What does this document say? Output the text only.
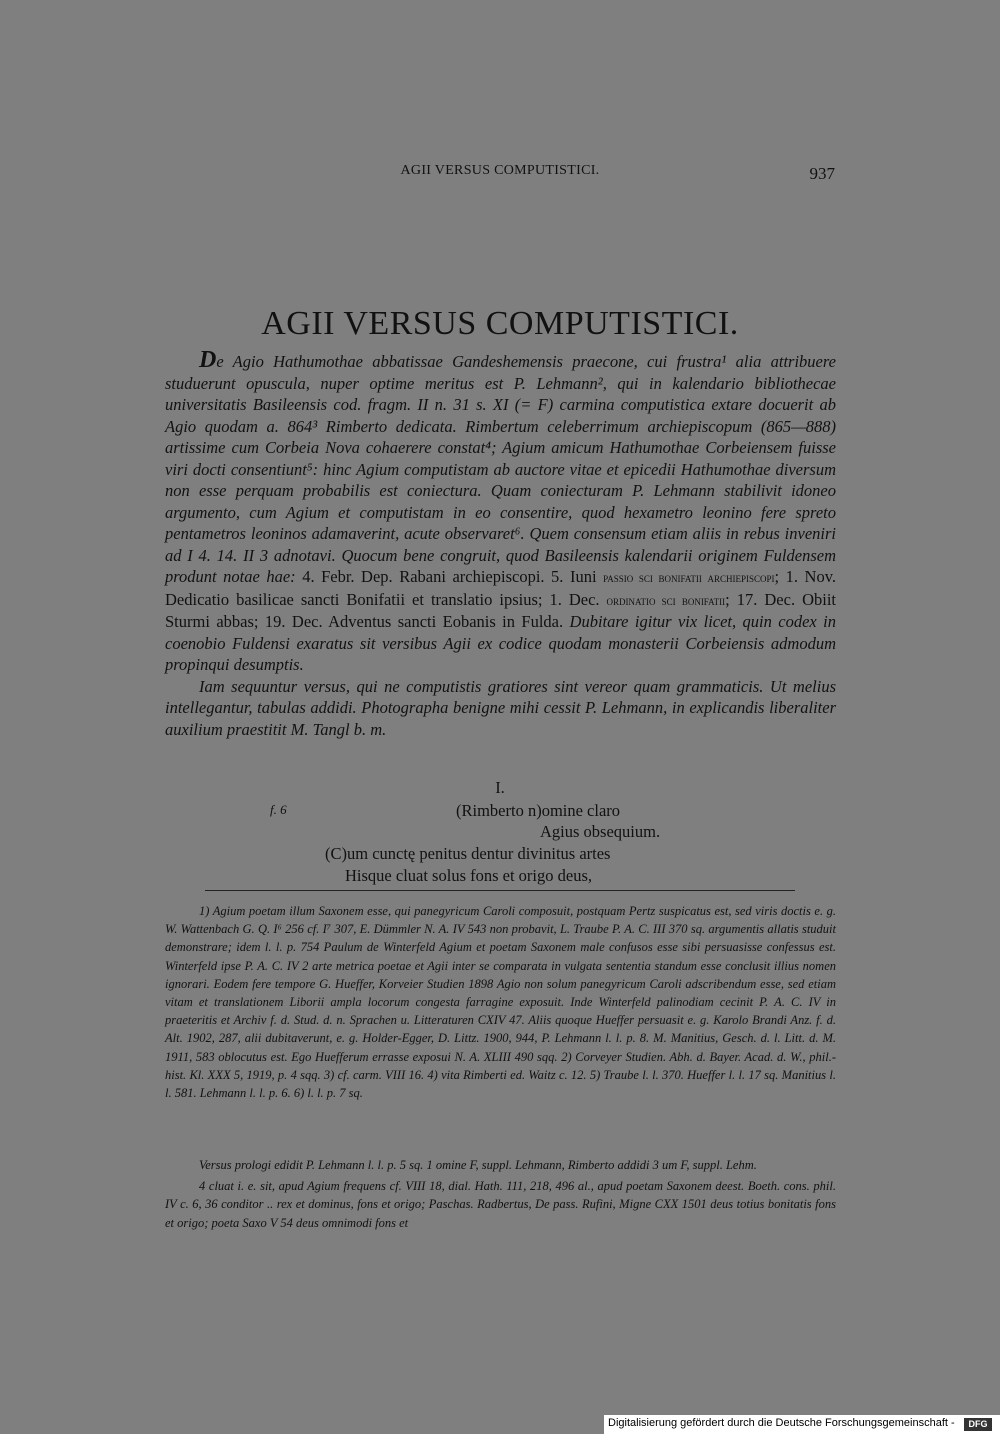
AGII VERSUS COMPUTISTICI.	937
AGII VERSUS COMPUTISTICI.

De Agio Hathumothae abbatissae Gandeshemensis praecone, cui frustra¹ alia attribuere studuerunt opuscula, nuper optime meritus est P. Lehmann², qui in kalendario bibliothecae universitatis Basileensis cod. fragm. II n. 31 s. XI (= F) carmina computistica extare docuerit ab Agio quodam a. 864³ Rimberto dedicata. Rimbertum celeberrimum archiepiscopum (865—888) artissime cum Corbeia Nova cohaerere constat⁴; Agium amicum Hathumothae Corbeiensem fuisse viri docti consentiunt⁵: hinc Agium computistam ab auctore vitae et epicedii Hathumothae diversum non esse perquam probabilis est coniectura. Quam coniecturam P. Lehmann stabilivit idoneo argumento, cum Agium et computistam in eo consentire, quod hexametro leonino fere spreto pentametros leoninos adamaverint, acute observaret⁶. Quem consensum etiam aliis in rebus inveniri ad I 4. 14. II 3 adnotavi. Quocum bene congruit, quod Basileensis kalendarii originem Fuldensem produnt notae hae: 4. Febr. Dep. Rabani archiepiscopi. 5. Iuni passio sci bonifatii archiepiscopi; 1. Nov. Dedicatio basilicae sancti Bonifatii et translatio ipsius; 1. Dec. ordinatio sci bonifatii; 17. Dec. Obiit Sturmi abbas; 19. Dec. Adventus sancti Eobanis in Fulda. Dubitare igitur vix licet, quin codex in coenobio Fuldensi exaratus sit versibus Agii ex codice quodam monasterii Corbeiensis admodum propinqui desumptis.

Iam sequuntur versus, qui ne computistis gratiores sint vereor quam grammaticis. Ut melius intellegantur, tabulas addidi. Photographa benigne mihi cessit P. Lehmann, in explicandis liberaliter auxilium praestitit M. Tangl b. m.

I.
f. 6	(Rimberto n)omine claro
Agius obsequium.
(C)um cunctę penitus dentur divinitus artes
Hisque cluat solus fons et origo deus,

1) Agium poetam illum Saxonem esse, qui panegyricum Caroli composuit, postquam Pertz suspicatus est, sed viris doctis e. g. W. Wattenbach G. Q. I⁶ 256 cf. I⁷ 307, E. Dümmler N. A. IV 543 non probavit, L. Traube P. A. C. III 370 sq. argumentis allatis studuit demonstrare; idem l. l. p. 754 Paulum de Winterfeld Agium et poetam Saxonem male confusos esse sibi persuasisse confessus est. Winterfeld ipse P. A. C. IV 2 arte metrica poetae et Agii inter se comparata in vulgata sententia standum esse conclusit illius nomen ignorari. Eodem fere tempore G. Hueffer, Korveier Studien 1898 Agio non solum panegyricum Caroli adscribendum esse, sed etiam vitam et translationem Liborii ampla locorum congesta farragine exposuit. Inde Winterfeld palinodiam cecinit P. A. C. IV in praeteritis et Archiv f. d. Stud. d. n. Sprachen u. Litteraturen CXIV 47. Aliis quoque Hueffer persuasit e. g. Karolo Brandi Anz. f. d. Alt. 1902, 287, alii dubitaverunt, e. g. Holder-Egger, D. Littz. 1900, 944, P. Lehmann l. l. p. 8. M. Manitius, Gesch. d. l. Litt. d. M. 1911, 583 oblocutus est. Ego Huefferum errasse exposui N. A. XLIII 490 sqq. 2) Corveyer Studien. Abh. d. Bayer. Acad. d. W., phil.-hist. Kl. XXX 5, 1919, p. 4 sqq. 3) cf. carm. VIII 16. 4) vita Rimberti ed. Waitz c. 12. 5) Traube l. l. 370. Hueffer l. l. 17 sq. Manitius l. l. 581. Lehmann l. l. p. 6. 6) l. l. p. 7 sq.

Versus prologi edidit P. Lehmann l. l. p. 5 sq. 1 omine F, suppl. Lehmann, Rimberto addidi 3 um F, suppl. Lehm.

4 cluat i. e. sit, apud Agium frequens cf. VIII 18, dial. Hath. 111, 218, 496 al., apud poetam Saxonem deest. Boeth. cons. phil. IV c. 6, 36 conditor .. rex et dominus, fons et origo; Paschas. Radbertus, De pass. Rufini, Migne CXX 1501 deus totius bonitatis fons et origo; poeta Saxo V 54 deus omnimodi fons et

Digitalisierung gefördert durch die Deutsche Forschungsgemeinschaft -	DFG
